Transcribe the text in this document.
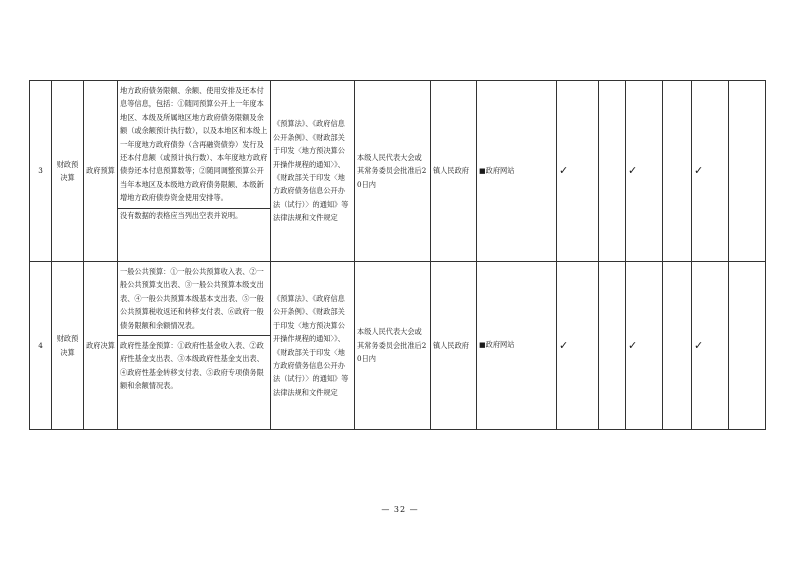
3	财政预决算	政府预算	地方政府债务限额、余额、使用安排及还本付息等信息，包括：①随同预算公开上一年度本地区、本级及所属地区地方政府债务限额及余额（或余额预计执行数），以及本地区和本级上一年度地方政府债券（含再融资债券）发行及还本付息额（或预计执行数）、本年度地方政府债券还本付息预算数等；②随同调整预算公开当年本地区及本级地方政府债务限额、本级新增地方政府债券资金使用安排等。
没有数据的表格应当列出空表并说明。	《预算法》、《政府信息公开条例》、《财政部关于印发〈地方预决算公开操作规程的通知〉》、《财政部关于印发〈地方政府债务信息公开办法（试行）〉的通知》等法律法规和文件规定	本级人民代表大会或其常务委员会批准后20日内	镇人民政府	■政府网站	✓		✓		✓	
4	财政预决算	政府决算	一般公共预算：①一般公共预算收入表、②一般公共预算支出表、③一般公共预算本级支出表、④一般公共预算本级基本支出表、⑤一般公共预算税收返还和转移支付表、⑥政府一般债务限额和余额情况表。
政府性基金预算：①政府性基金收入表、②政府性基金支出表、③本级政府性基金支出表、④政府性基金转移支付表、⑤政府专项债务限额和余额情况表。	《预算法》、《政府信息公开条例》、《财政部关于印发〈地方预决算公开操作规程的通知〉》、《财政部关于印发〈地方政府债务信息公开办法（试行）〉的通知》等法律法规和文件规定	本级人民代表大会或其常务委员会批准后20日内	镇人民政府	■政府网站	✓		✓		✓	
— 32 —
